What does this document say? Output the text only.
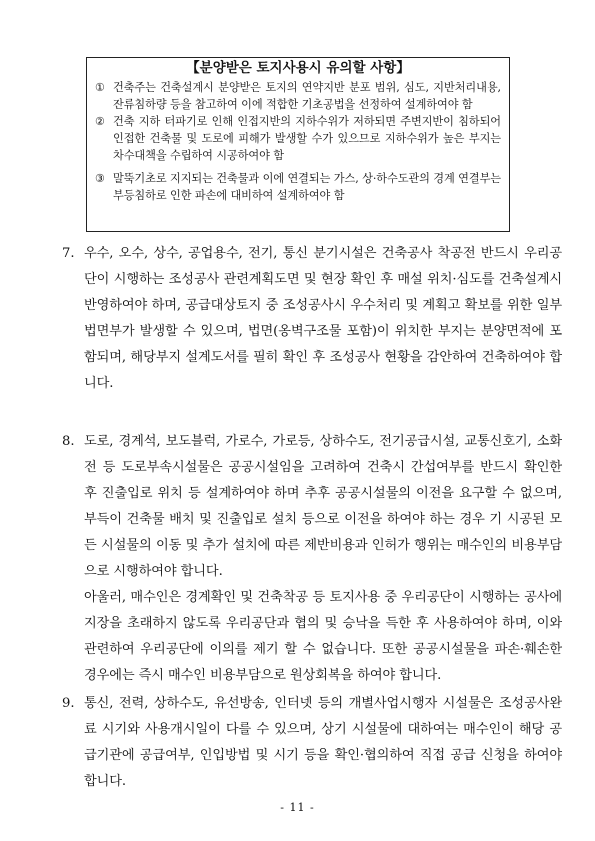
【분양받은 토지사용시 유의할 사항】
① 건축주는 건축설계시 분양받은 토지의 연약지반 분포 범위, 심도, 지반처리내용, 잔류침하량 등을 참고하여 이에 적합한 기초공법을 선정하여 설계하여야 함
② 건축 지하 터파기로 인해 인접지반의 지하수위가 저하되면 주변지반이 침하되어 인접한 건축물 및 도로에 피해가 발생할 수가 있으므로 지하수위가 높은 부지는 차수대책을 수립하여 시공하여야 함
③ 말뚝기초로 지지되는 건축물과 이에 연결되는 가스, 상·하수도관의 경계 연결부는 부등침하로 인한 파손에 대비하여 설계하여야 함
7. 우수, 오수, 상수, 공업용수, 전기, 통신 분기시설은 건축공사 착공전 반드시 우리공단이 시행하는 조성공사 관련계획도면 및 현장 확인 후 매설 위치·심도를 건축설계시 반영하여야 하며, 공급대상토지 중 조성공사시 우수처리 및 계획고 확보를 위한 일부 법면부가 발생할 수 있으며, 법면(옹벽구조물 포함)이 위치한 부지는 분양면적에 포함되며, 해당부지 설계도서를 필히 확인 후 조성공사 현황을 감안하여 건축하여야 합니다.

8. 도로, 경계석, 보도블럭, 가로수, 가로등, 상하수도, 전기공급시설, 교통신호기, 소화전 등 도로부속시설물은 공공시설임을 고려하여 건축시 간섭여부를 반드시 확인한 후 진출입로 위치 등 설계하여야 하며 추후 공공시설물의 이전을 요구할 수 없으며, 부득이 건축물 배치 및 진출입로 설치 등으로 이전을 하여야 하는 경우 기 시공된 모든 시설물의 이동 및 추가 설치에 따른 제반비용과 인허가 행위는 매수인의 비용부담으로 시행하여야 합니다.

아울러, 매수인은 경계확인 및 건축착공 등 토지사용 중 우리공단이 시행하는 공사에 지장을 초래하지 않도록 우리공단과 협의 및 승낙을 득한 후 사용하여야 하며, 이와 관련하여 우리공단에 이의를 제기 할 수 없습니다. 또한 공공시설물을 파손·훼손한 경우에는 즉시 매수인 비용부담으로 원상회복을 하여야 합니다.

9. 통신, 전력, 상하수도, 유선방송, 인터넷 등의 개별사업시행자 시설물은 조성공사완료 시기와 사용개시일이 다를 수 있으며, 상기 시설물에 대하여는 매수인이 해당 공급기관에 공급여부, 인입방법 및 시기 등을 확인·협의하여 직접 공급 신청을 하여야 합니다.

- 11 -
